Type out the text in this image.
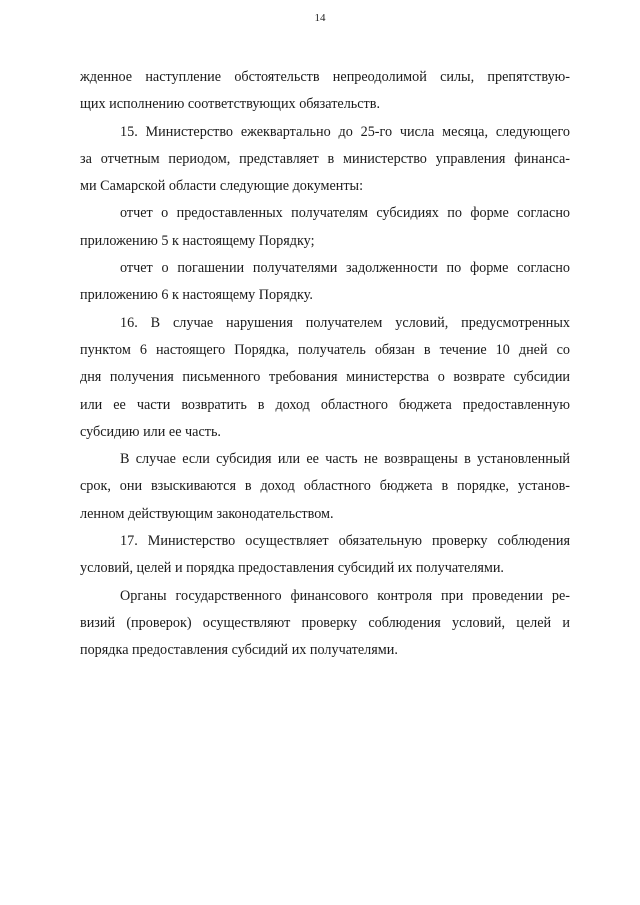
14
жденное наступление обстоятельств непреодолимой силы, препятствую-
щих исполнению соответствующих обязательств.
15. Министерство ежеквартально до 25-го числа месяца, следующего
за отчетным периодом, представляет в министерство управления финанса-
ми Самарской области следующие документы:
отчет о предоставленных получателям субсидиях по форме согласно
приложению 5 к настоящему Порядку;
отчет о погашении получателями задолженности по форме согласно
приложению 6 к настоящему Порядку.
16. В случае нарушения получателем условий, предусмотренных
пунктом 6 настоящего Порядка, получатель обязан в течение 10 дней со
дня получения письменного требования министерства о возврате субсидии
или ее части возвратить в доход областного бюджета предоставленную
субсидию или ее часть.
В случае если субсидия или ее часть не возвращены в установленный
срок, они взыскиваются в доход областного бюджета в порядке, установ-
ленном действующим законодательством.
17. Министерство осуществляет обязательную проверку соблюдения
условий, целей и порядка предоставления субсидий их получателями.
Органы государственного финансового контроля при проведении ре-
визий (проверок) осуществляют проверку соблюдения условий, целей и
порядка предоставления субсидий их получателями.
